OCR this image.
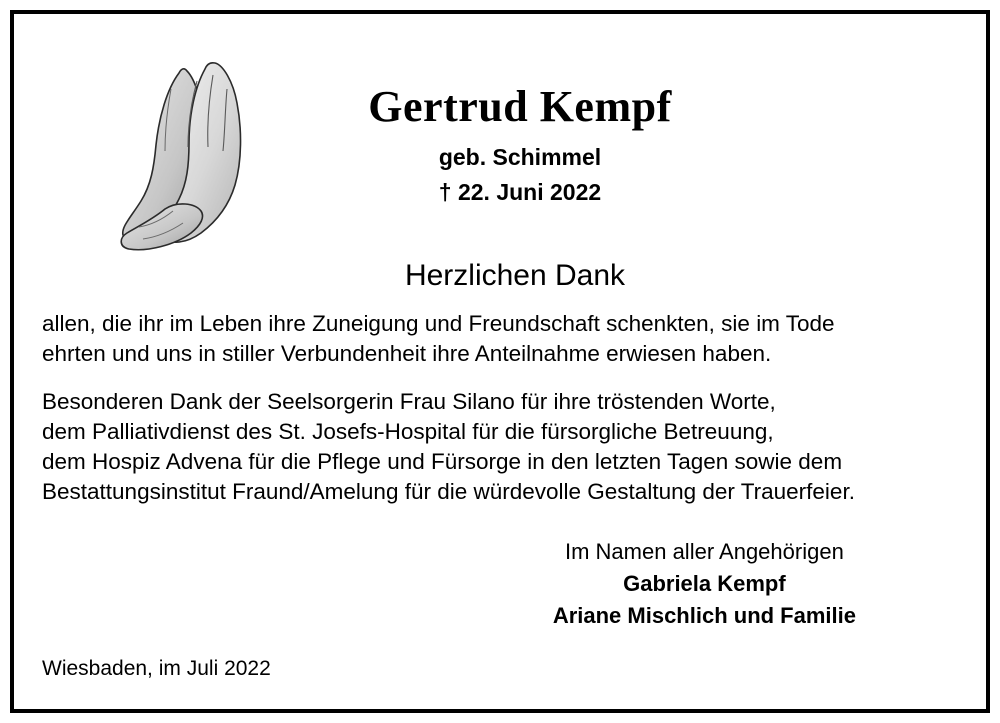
Gertrud Kempf
geb. Schimmel
† 22. Juni 2022
Herzlichen Dank

allen, die ihr im Leben ihre Zuneigung und Freundschaft schenkten, sie im Tode
ehrten und uns in stiller Verbundenheit ihre Anteilnahme erwiesen haben.

Besonderen Dank der Seelsorgerin Frau Silano für ihre tröstenden Worte,
dem Palliativdienst des St. Josefs-Hospital für die fürsorgliche Betreuung,
dem Hospiz Advena für die Pflege und Fürsorge in den letzten Tagen sowie dem
Bestattungsinstitut Fraund/Amelung für die würdevolle Gestaltung der Trauerfeier.

Im Namen aller Angehörigen
Gabriela Kempf
Ariane Mischlich und Familie
Wiesbaden, im Juli 2022
